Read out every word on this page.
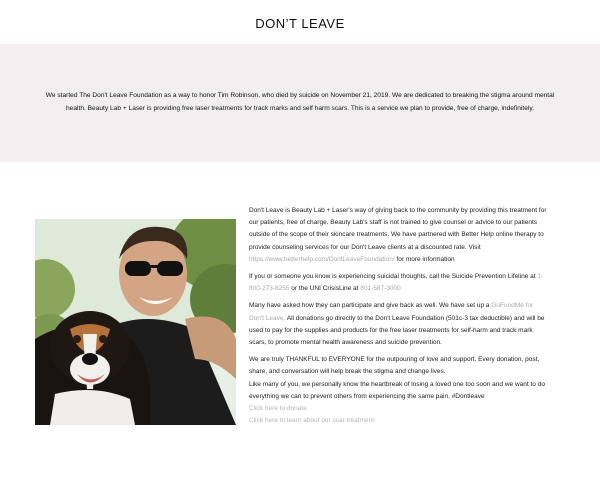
DON’T LEAVE

We started The Don't Leave Foundation as a way to honor Tim Robinson, who died by suicide on November 21, 2019. We are dedicated to breaking the stigma around mental health. Beauty Lab + Laser is providing free laser treatments for track marks and self harm scars. This is a service we plan to provide, free of charge, indefinitely.

Don't Leave is Beauty Lab + Laser's way of giving back to the community by providing this treatment for our patients, free of charge. Beauty Lab's staff is not trained to give counsel or advice to our patients outside of the scope of their skincare treatments. We have partnered with Better Help online therapy to provide counseling services for our Don't Leave clients at a discounted rate. Visit https://www.betterhelp.com/DontLeaveFoundation/ for more information

If you or someone you know is experiencing suicidal thoughts, call the Suicide Prevention Lifeline at 1-800-273-8255 or the UNI CrisisLine at 801-587-3000

Many have asked how they can participate and give back as well. We have set up a GoFundMe for Don't Leave. All donations go directly to the Don't Leave Foundation (501c-3 tax deductible) and will be used to pay for the supplies and products for the free laser treatments for self-harm and track mark scars, to promote mental health awareness and suicide prevention.

We are truly THANKFUL to EVERYONE for the outpouring of love and support. Every donation, post, share, and conversation will help break the stigma and change lives.

Like many of you, we personally know the heartbreak of losing a loved one too soon and we want to do everything we can to prevent others from experiencing the same pain. #Dontleave

Click here to donate
Click here to learn about our scar treatment.
